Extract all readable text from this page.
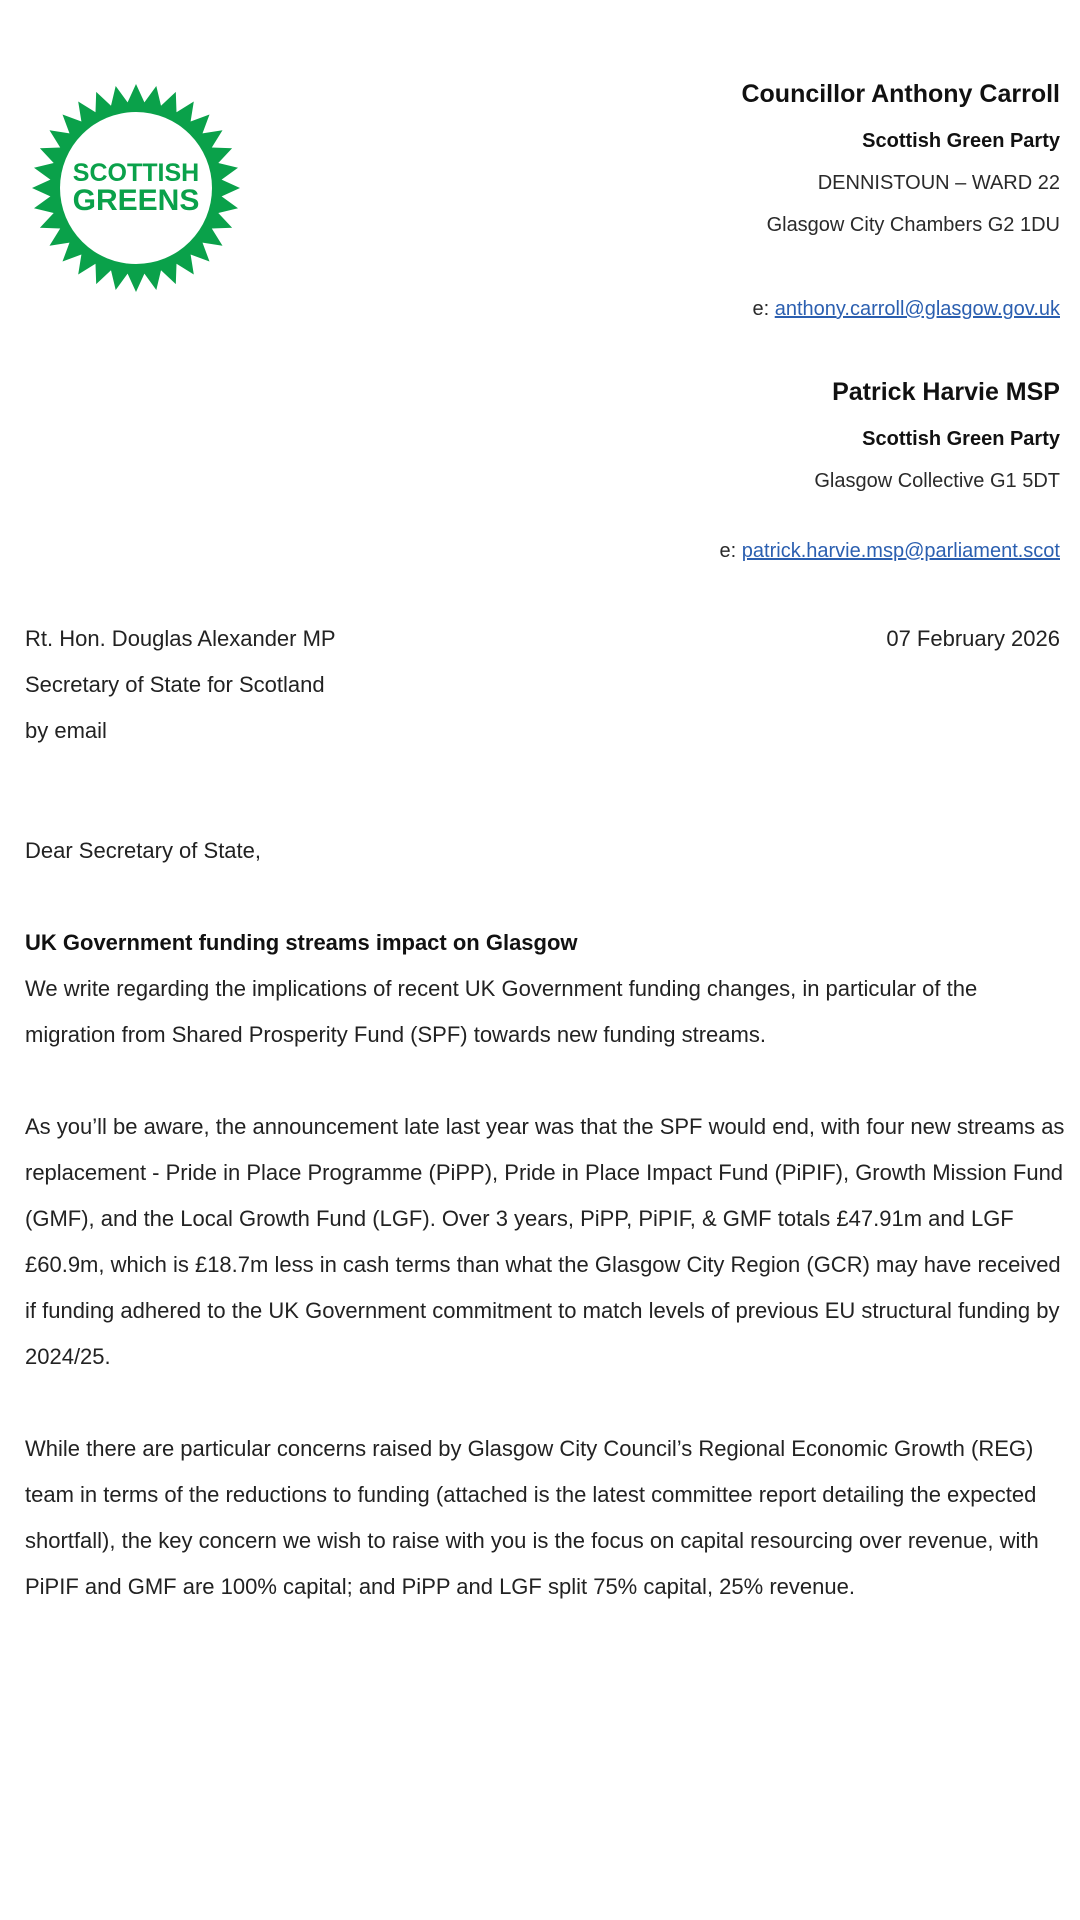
SCOTTISH
GREENS
Councillor Anthony Carroll
Scottish Green Party
DENNISTOUN – WARD 22
Glasgow City Chambers G2 1DU
e: anthony.carroll@glasgow.gov.uk
Patrick Harvie MSP
Scottish Green Party
Glasgow Collective G1 5DT
e: patrick.harvie.msp@parliament.scot
Rt. Hon. Douglas Alexander MP
Secretary of State for Scotland
by email
07 February 2026
Dear Secretary of State,
UK Government funding streams impact on Glasgow

We write regarding the implications of recent UK Government funding changes, in particular of the migration from Shared Prosperity Fund (SPF) towards new funding streams.

As you’ll be aware, the announcement late last year was that the SPF would end, with four new streams as replacement - Pride in Place Programme (PiPP), Pride in Place Impact Fund (PiPIF), Growth Mission Fund (GMF), and the Local Growth Fund (LGF). Over 3 years, PiPP, PiPIF, & GMF totals £47.91m and LGF £60.9m, which is £18.7m less in cash terms than what the Glasgow City Region (GCR) may have received if funding adhered to the UK Government commitment to match levels of previous EU structural funding by 2024/25.

While there are particular concerns raised by Glasgow City Council’s Regional Economic Growth (REG) team in terms of the reductions to funding (attached is the latest committee report detailing the expected shortfall), the key concern we wish to raise with you is the focus on capital resourcing over revenue, with PiPIF and GMF are 100% capital; and PiPP and LGF split 75% capital, 25% revenue.
